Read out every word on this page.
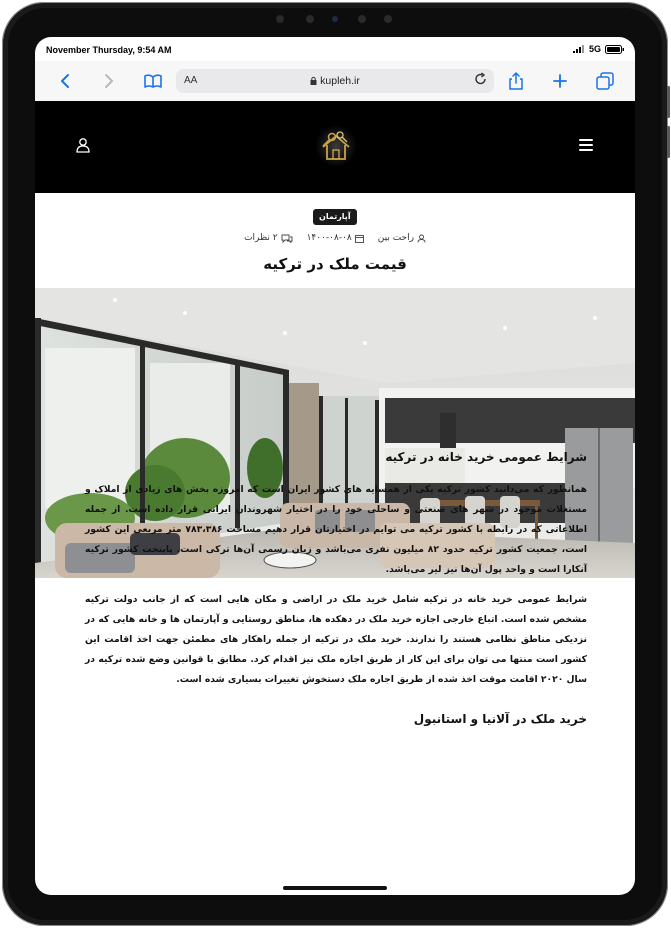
November Thursday, 9:54 AM	5G
AA	kupleh.ir
آپارتمان
راحت بین
۱۴۰۰-۰۸-۰۸
۲ نظرات
قیمت ملک در ترکیه
شرایط عمومی خرید خانه در ترکیه

همانطور که می‌دانید کشور ترکیه یکی از همسایه های کشور ایران است که امروزه بخش های زیادی از املاک و مستغلات موجود در شهر های صنعتی و ساحلی خود را در اختیار شهروندان ایرانی قرار داده است. از جمله اطلاعاتی که در رابطه با کشور ترکیه می توایم در اختیارتان قرار دهیم مساحت ۷۸۳،۳۸۶ متر مربعی این کشور است، جمعیت کشور ترکیه حدود ۸۲ میلیون نفری می‌باشد و زبان رسمی آن‌ها ترکی است. پایتخت کشور ترکیه آنکارا است و واحد پول آن‌ها نیز لیر می‌باشد.

شرایط عمومی خرید خانه در ترکیه شامل خرید ملک در اراضی و مکان هایی است که از جانب دولت ترکیه مشخص شده است. اتباع خارجی اجازه خرید ملک در دهکده ها، مناطق روستایی و آپارتمان ها و خانه هایی که در نزدیکی مناطق نظامی هستند را ندارند. خرید ملک در ترکیه از جمله راهکار های مطمئن جهت اخذ اقامت این کشور است منتها می توان برای این کار از طریق اجاره ملک نیز اقدام کرد. مطابق با قوانین وضع شده ترکیه در سال ۲۰۲۰ اقامت موقت اخذ شده از طریق اجاره ملک دستخوش تغییرات بسیاری شده است.

خرید ملک در آلانیا و استانبول
